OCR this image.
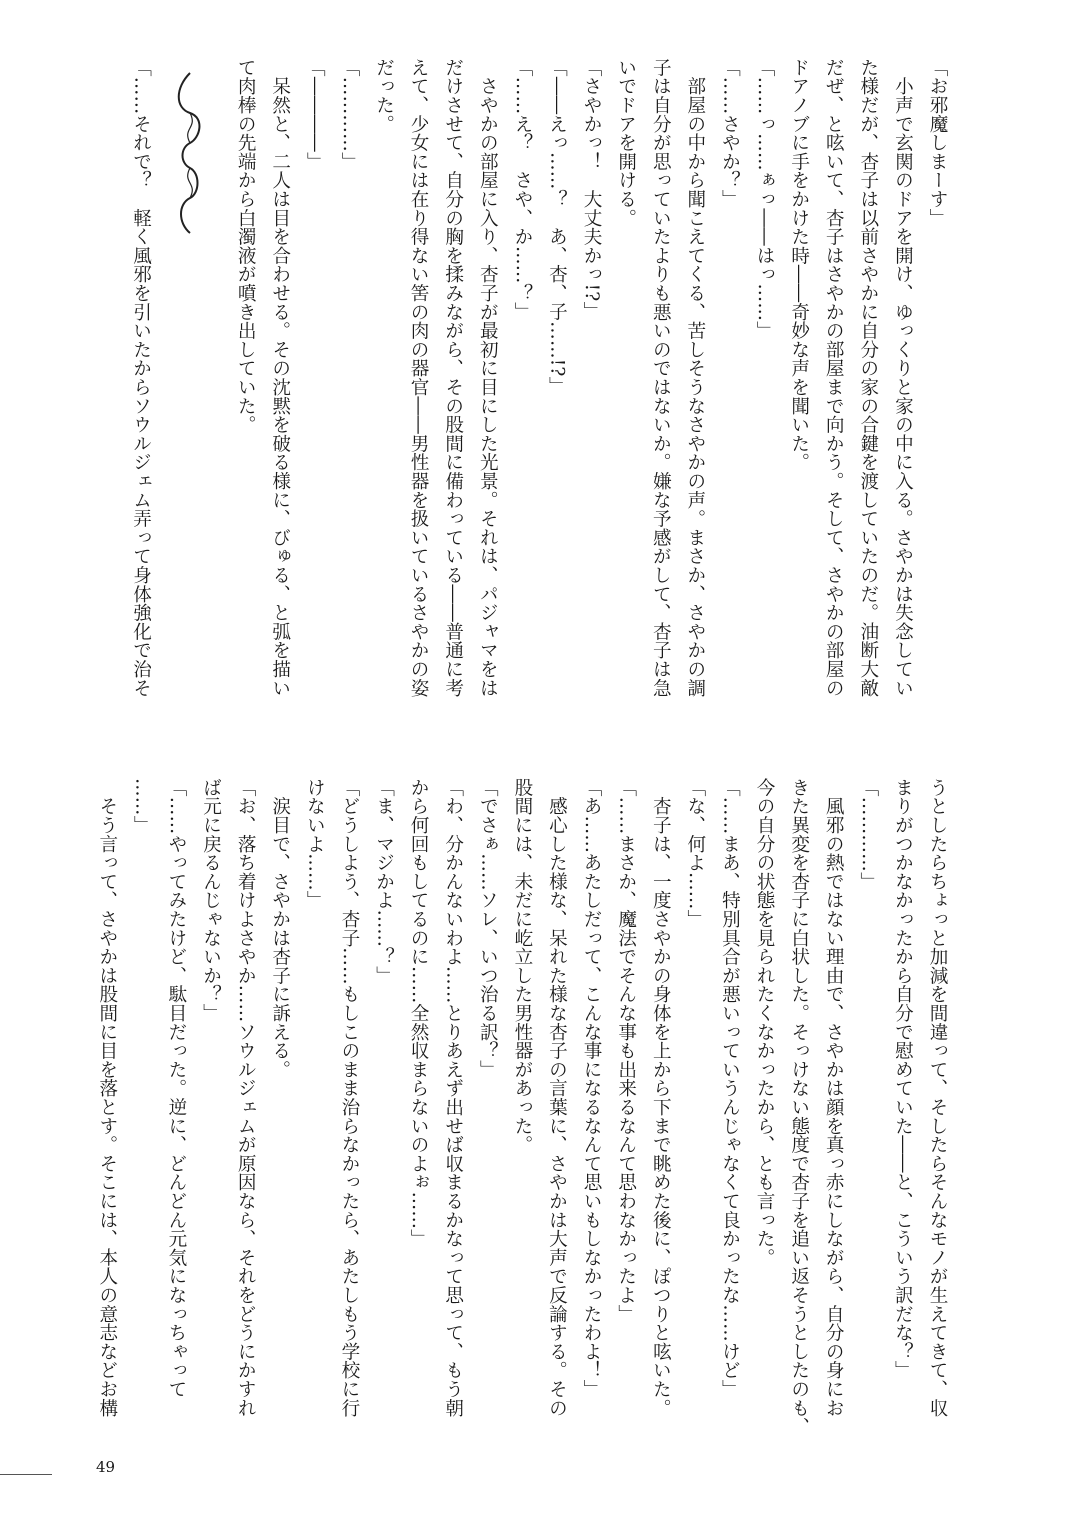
「お邪魔しまーす」
　小声で玄関のドアを開け、ゆっくりと家の中に入る。さやかは失念してい
た様だが、杏子は以前さやかに自分の家の合鍵を渡していたのだ。油断大敵
だぜ、と呟いて、杏子はさやかの部屋まで向かう。そして、さやかの部屋の
ドアノブに手をかけた時――奇妙な声を聞いた。
「……っ……ぁっ――はっ……」
「……さやか？」
　部屋の中から聞こえてくる、苦しそうなさやかの声。まさか、さやかの調
子は自分が思っていたよりも悪いのではないか。嫌な予感がして、杏子は急
いでドアを開ける。
「さやかっ！　大丈夫かっ!?」
「――えっ……？　あ、杏、子……!?」
「……え？　さや、か……？」
　さやかの部屋に入り、杏子が最初に目にした光景。それは、パジャマをは
だけさせて、自分の胸を揉みながら、その股間に備わっている――普通に考
えて、少女には在り得ない筈の肉の器官――男性器を扱いているさやかの姿
だった。
「…………」
「――――」
　呆然と、二人は目を合わせる。その沈黙を破る様に、びゅる、と弧を描い
て肉棒の先端から白濁液が噴き出していた。
「……それで？　軽く風邪を引いたからソウルジェム弄って身体強化で治そ
うとしたらちょっと加減を間違って、そしたらそんなモノが生えてきて、収
まりがつかなかったから自分で慰めていた――と、こういう訳だな？」
「…………」
　風邪の熱ではない理由で、さやかは顔を真っ赤にしながら、自分の身にお
きた異変を杏子に白状した。そっけない態度で杏子を追い返そうとしたのも、
今の自分の状態を見られたくなかったから、とも言った。
「……まあ、特別具合が悪いっていうんじゃなくて良かったな……けど」
「な、何よ……」
　杏子は、一度さやかの身体を上から下まで眺めた後に、ぽつりと呟いた。
「……まさか、魔法でそんな事も出来るなんて思わなかったよ」
「あ……あたしだって、こんな事になるなんて思いもしなかったわよ！」
　感心した様な、呆れた様な杏子の言葉に、さやかは大声で反論する。その
股間には、未だに屹立した男性器があった。
「でさぁ……ソレ、いつ治る訳？」
「わ、分かんないわよ……とりあえず出せば収まるかなって思って、もう朝
から何回もしてるのに……全然収まらないのよぉ……」
「ま、マジかよ……？」
「どうしよう、杏子……もしこのまま治らなかったら、あたしもう学校に行
けないよ……」
　涙目で、さやかは杏子に訴える。
「お、落ち着けよさやか……ソウルジェムが原因なら、それをどうにかすれ
ば元に戻るんじゃないか？」
「……やってみたけど、駄目だった。逆に、どんどん元気になっちゃって
……」
　そう言って、さやかは股間に目を落とす。そこには、本人の意志などお構
49
